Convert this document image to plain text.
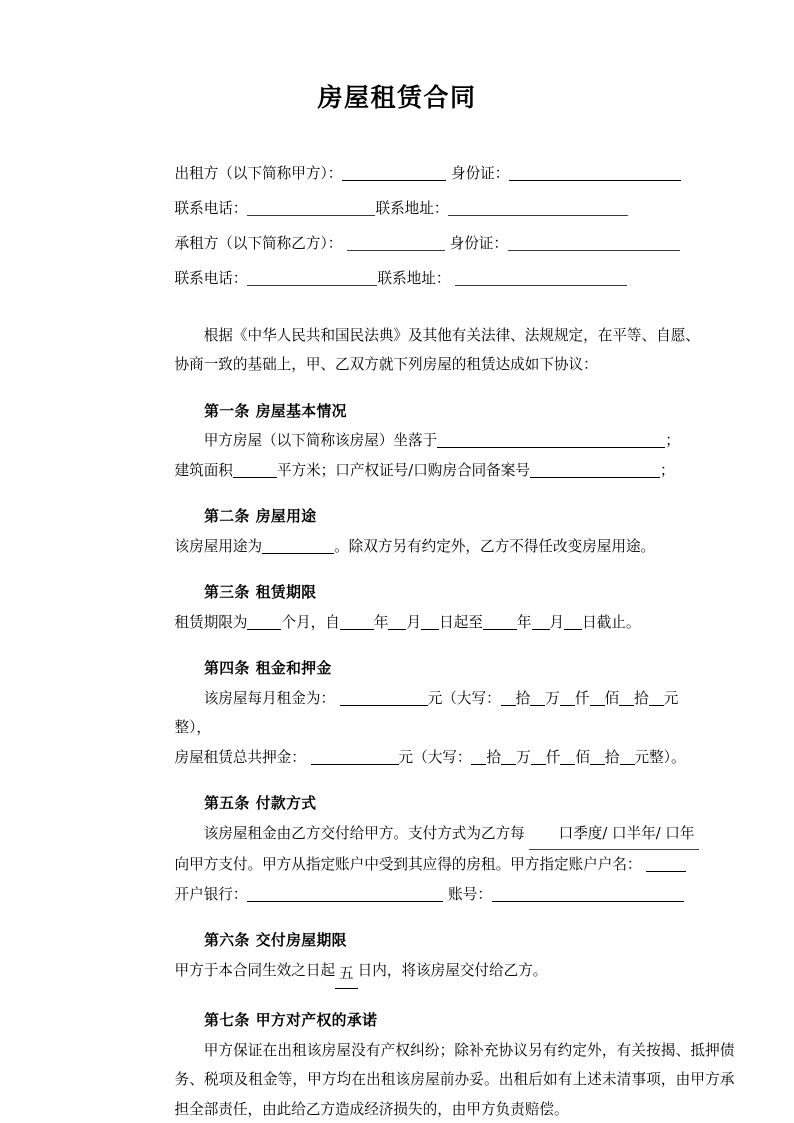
房屋租赁合同
出租方（以下简称甲方）：	身份证：
联系电话：	联系地址：
承租方（以下简称乙方）：	身份证：
联系电话：	联系地址：
根据《中华人民共和国民法典》及其他有关法律、法规规定，在平等、自愿、
协商一致的基础上，甲、乙双方就下列房屋的租赁达成如下协议：
第一条 房屋基本情况
甲方房屋（以下简称该房屋）坐落于	；
建筑面积	平方米；口产权证号/口购房合同备案号	；
第二条 房屋用途
该房屋用途为	。除双方另有约定外，乙方不得任改变房屋用途。
第三条 租赁期限
租赁期限为 个月，自 年 月 日起至 年 月 日截止。
第四条 租金和押金
该房屋每月租金为：	元（大写： 拾 万 仟 佰 拾 元
整），
房屋租赁总共押金：	元（大写： 拾 万 仟 佰 拾 元整）。
第五条 付款方式
该房屋租金由乙方交付给甲方。支付方式为乙方每 口季度/ 口半年/ 口年
向甲方支付。甲方从指定账户中受到其应得的房租。甲方指定账户户名：
开户银行：	账号：
第六条 交付房屋期限
甲方于本合同生效之日起 五 日内，将该房屋交付给乙方。
第七条 甲方对产权的承诺
甲方保证在出租该房屋没有产权纠纷；除补充协议另有约定外，有关按揭、抵押债务、税项及租金等，甲方均在出租该房屋前办妥。出租后如有上述未清事项，由甲方承担全部责任，由此给乙方造成经济损失的，由甲方负责赔偿。
